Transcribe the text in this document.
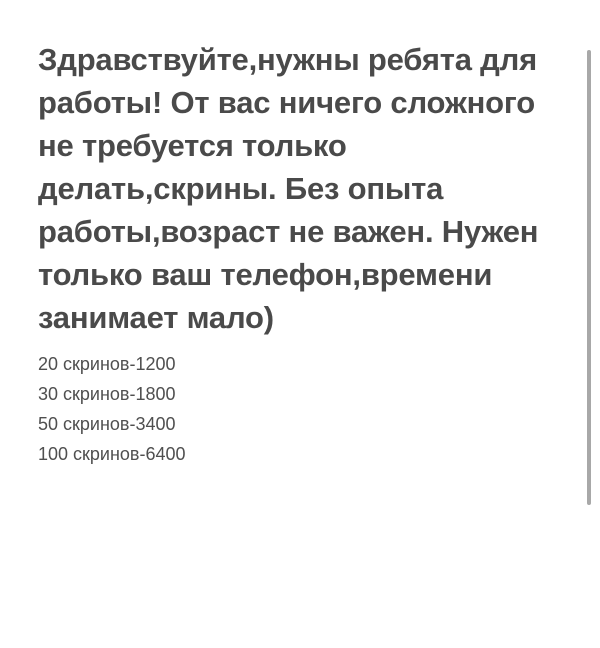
Здравствуйте,нужны ребята для работы! От вас ничего сложного не требуется только делать,скрины. Без опыта работы,возраст не важен. Нужен только ваш телефон,времени занимает мало)

20 скринов-1200
30 скринов-1800
50 скринов-3400
100 скринов-6400
